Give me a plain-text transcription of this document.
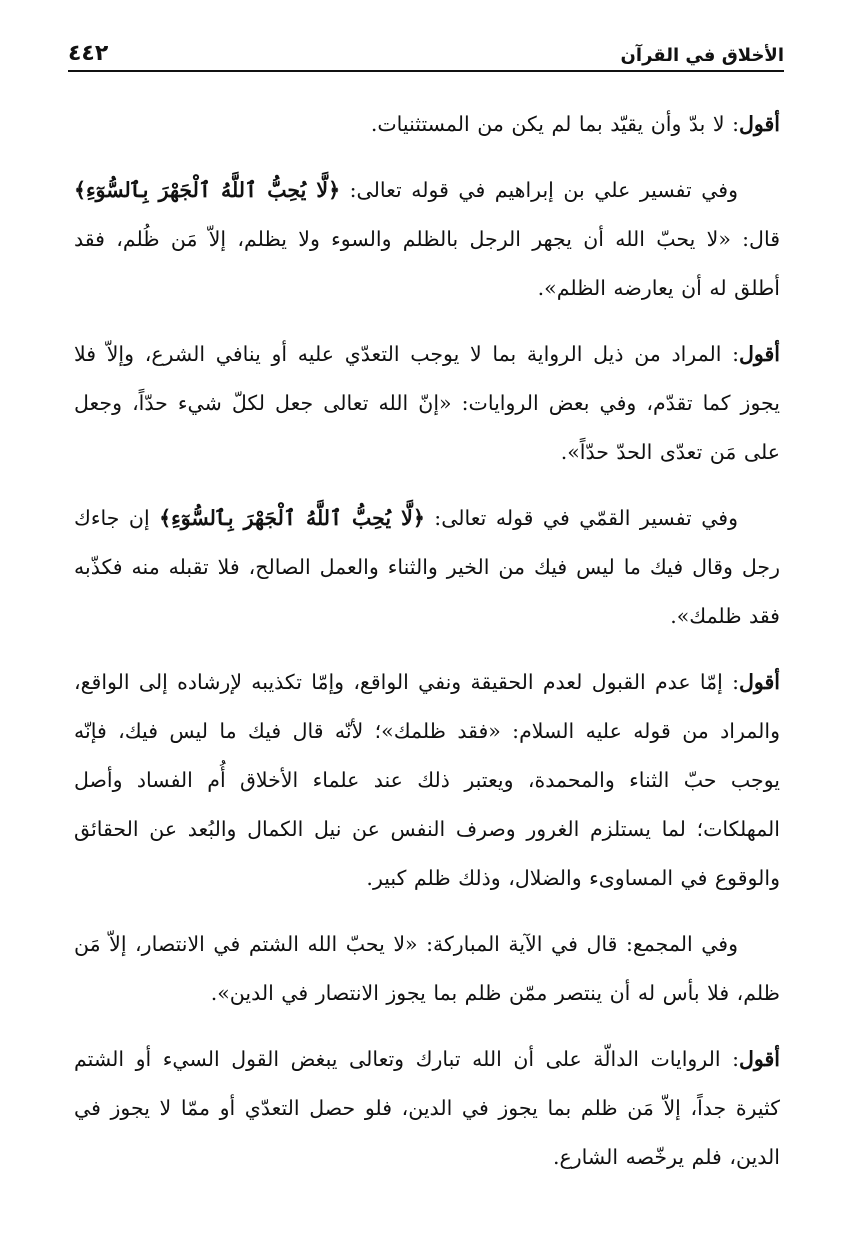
الأخلاق في القرآن
٤٤٢

أقول: لا بدّ وأن يقيّد بما لم يكن من المستثنيات.

وفي تفسير علي بن إبراهيم في قوله تعالى: ﴿لَّا يُحِبُّ ٱللَّهُ ٱلْجَهْرَ بِٱلسُّوٓءِ﴾ قال: «لا يحبّ الله أن يجهر الرجل بالظلم والسوء ولا يظلم، إلاّ مَن ظُلم، فقد أطلق له أن يعارضه الظلم».

أقول: المراد من ذيل الرواية بما لا يوجب التعدّي عليه أو ينافي الشرع، وإلاّ فلا يجوز كما تقدّم، وفي بعض الروايات: «إنّ الله تعالى جعل لكلّ شيء حدّاً، وجعل على مَن تعدّى الحدّ حدّاً».

وفي تفسير القمّي في قوله تعالى: ﴿لَّا يُحِبُّ ٱللَّهُ ٱلْجَهْرَ بِٱلسُّوٓءِ﴾ إن جاءك رجل وقال فيك ما ليس فيك من الخير والثناء والعمل الصالح، فلا تقبله منه فكذّبه فقد ظلمك».

أقول: إمّا عدم القبول لعدم الحقيقة ونفي الواقع، وإمّا تكذيبه لإرشاده إلى الواقع، والمراد من قوله عليه السلام: «فقد ظلمك»؛ لأنّه قال فيك ما ليس فيك، فإنّه يوجب حبّ الثناء والمحمدة، ويعتبر ذلك عند علماء الأخلاق أُم الفساد وأصل المهلكات؛ لما يستلزم الغرور وصرف النفس عن نيل الكمال والبُعد عن الحقائق والوقوع في المساوىء والضلال، وذلك ظلم كبير.

وفي المجمع: قال في الآية المباركة: «لا يحبّ الله الشتم في الانتصار، إلاّ مَن ظلم، فلا بأس له أن ينتصر ممّن ظلم بما يجوز الانتصار في الدين».

أقول: الروايات الدالّة على أن الله تبارك وتعالى يبغض القول السيء أو الشتم كثيرة جداً، إلاّ مَن ظلم بما يجوز في الدين، فلو حصل التعدّي أو ممّا لا يجوز في الدين، فلم يرخّصه الشارع.
